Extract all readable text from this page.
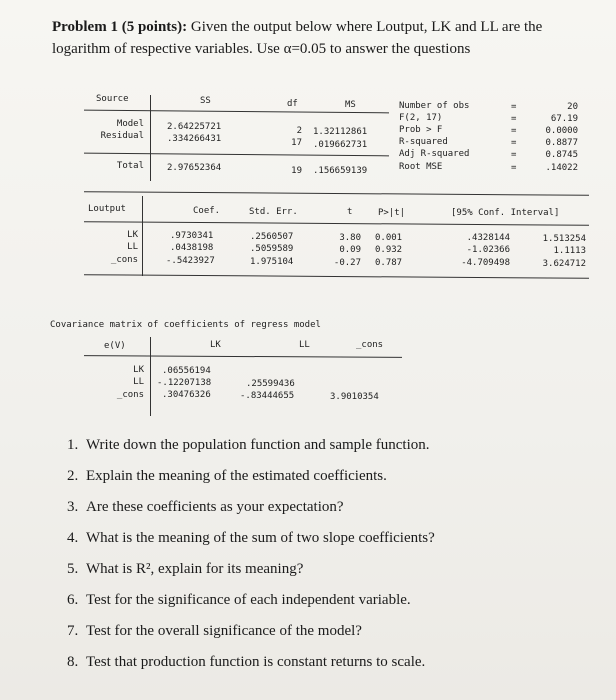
Problem 1 (5 points): Given the output below where Loutput, LK and LL are the logarithm of respective variables. Use α=0.05 to answer the questions
Source	SS	df	MS
Model	2.64225721	2 1.32112861
Residual	.334266431	17 .019662731
Total	2.97652364	19 .156659139
Number of obs	=	20
F(2, 17)	=	67.19
Prob > F	=	0.0000
R-squared	=	0.8877
Adj R-squared	=	0.8745
Root MSE	=	.14022
Loutput	Coef.	Std. Err.	t	P>|t|	[95% Conf. Interval]
LK	.9730341	.2560507	3.80 0.001	.4328144	1.513254
LL	.0438198	.5059589	0.09 0.932	-1.02366	1.1113
_cons	-.5423927	1.975104	-0.27 0.787	-4.709498	3.624712
Covariance matrix of coefficients of regress model
e(V)	LK	LL	_cons
LK .06556194
LL -.12207138	.25599436
_cons .30476326	-.83444655	3.9010354
1. Write down the population function and sample function.
2. Explain the meaning of the estimated coefficients.
3. Are these coefficients as your expectation?
4. What is the meaning of the sum of two slope coefficients?
5. What is R², explain for its meaning?
6. Test for the significance of each independent variable.
7. Test for the overall significance of the model?
8. Test that production function is constant returns to scale.
